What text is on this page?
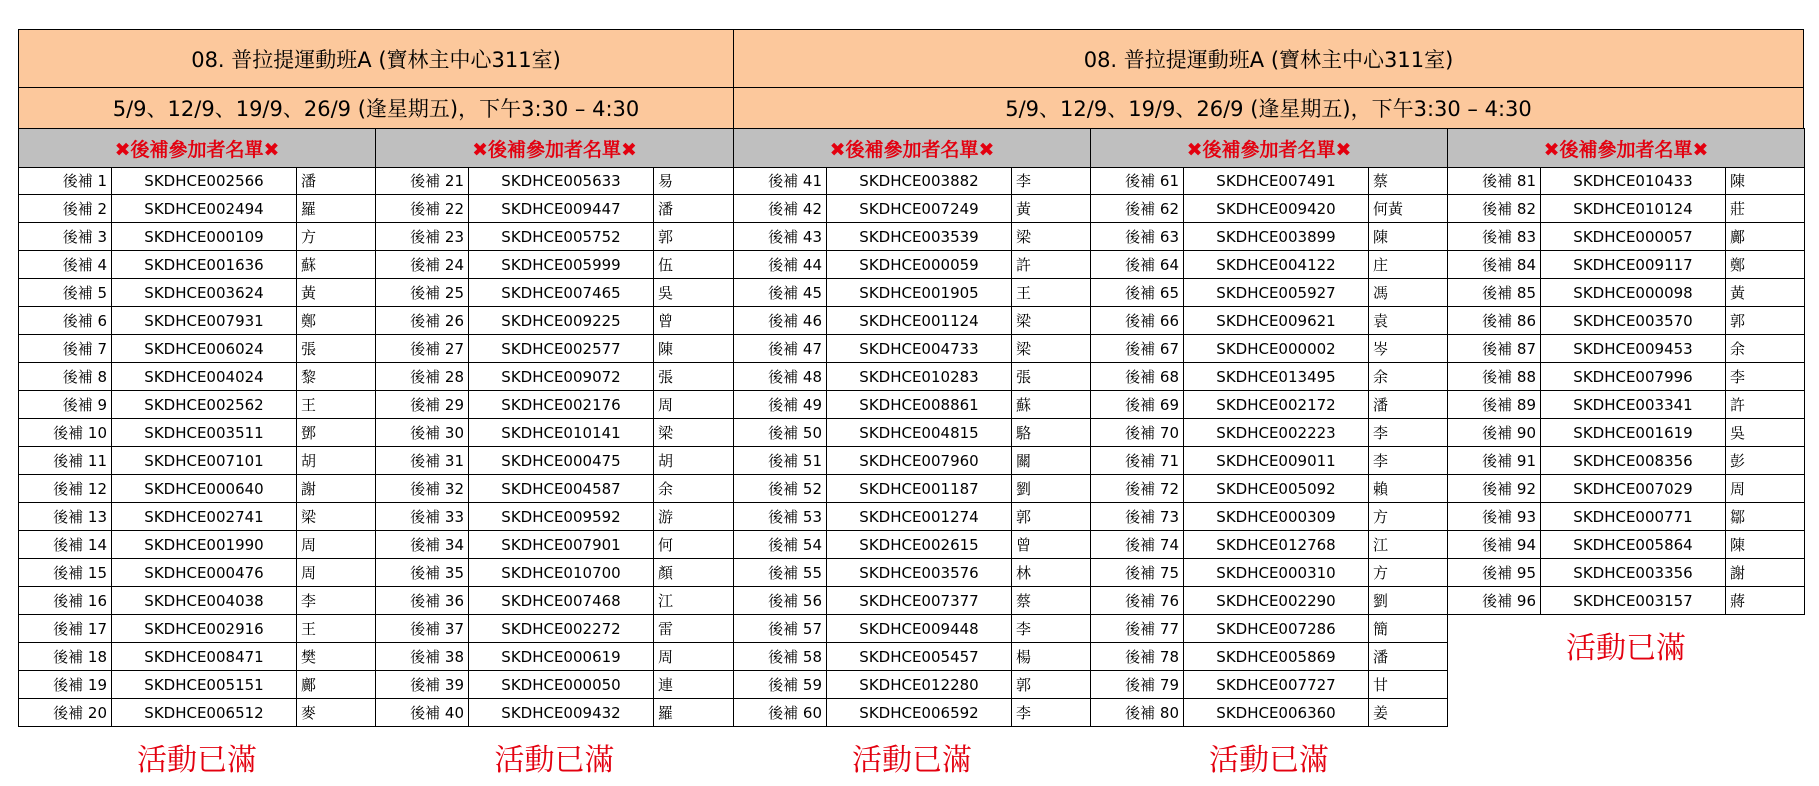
08. 普拉提運動班A (寶林主中心311室)	08. 普拉提運動班A (寶林主中心311室)
5/9、12/9、19/9、26/9 (逢星期五)，下午3:30 – 4:30	5/9、12/9、19/9、26/9 (逢星期五)，下午3:30 – 4:30
✖後補參加者名單✖
後補 1	SKDHCE002566	潘
後補 2	SKDHCE002494	羅
後補 3	SKDHCE000109	方
後補 4	SKDHCE001636	蘇
後補 5	SKDHCE003624	黃
後補 6	SKDHCE007931	鄭
後補 7	SKDHCE006024	張
後補 8	SKDHCE004024	黎
後補 9	SKDHCE002562	王
後補 10	SKDHCE003511	鄧
後補 11	SKDHCE007101	胡
後補 12	SKDHCE000640	謝
後補 13	SKDHCE002741	梁
後補 14	SKDHCE001990	周
後補 15	SKDHCE000476	周
後補 16	SKDHCE004038	李
後補 17	SKDHCE002916	王
後補 18	SKDHCE008471	樊
後補 19	SKDHCE005151	鄺
後補 20	SKDHCE006512	麥
活動已滿
✖後補參加者名單✖
後補 21	SKDHCE005633	易
後補 22	SKDHCE009447	潘
後補 23	SKDHCE005752	郭
後補 24	SKDHCE005999	伍
後補 25	SKDHCE007465	吳
後補 26	SKDHCE009225	曾
後補 27	SKDHCE002577	陳
後補 28	SKDHCE009072	張
後補 29	SKDHCE002176	周
後補 30	SKDHCE010141	梁
後補 31	SKDHCE000475	胡
後補 32	SKDHCE004587	余
後補 33	SKDHCE009592	游
後補 34	SKDHCE007901	何
後補 35	SKDHCE010700	顏
後補 36	SKDHCE007468	江
後補 37	SKDHCE002272	雷
後補 38	SKDHCE000619	周
後補 39	SKDHCE000050	連
後補 40	SKDHCE009432	羅
活動已滿
✖後補參加者名單✖
後補 41	SKDHCE003882	李
後補 42	SKDHCE007249	黃
後補 43	SKDHCE003539	梁
後補 44	SKDHCE000059	許
後補 45	SKDHCE001905	王
後補 46	SKDHCE001124	梁
後補 47	SKDHCE004733	梁
後補 48	SKDHCE010283	張
後補 49	SKDHCE008861	蘇
後補 50	SKDHCE004815	駱
後補 51	SKDHCE007960	關
後補 52	SKDHCE001187	劉
後補 53	SKDHCE001274	郭
後補 54	SKDHCE002615	曾
後補 55	SKDHCE003576	林
後補 56	SKDHCE007377	蔡
後補 57	SKDHCE009448	李
後補 58	SKDHCE005457	楊
後補 59	SKDHCE012280	郭
後補 60	SKDHCE006592	李
活動已滿
✖後補參加者名單✖
後補 61	SKDHCE007491	蔡
後補 62	SKDHCE009420	何黃
後補 63	SKDHCE003899	陳
後補 64	SKDHCE004122	庄
後補 65	SKDHCE005927	馮
後補 66	SKDHCE009621	袁
後補 67	SKDHCE000002	岑
後補 68	SKDHCE013495	余
後補 69	SKDHCE002172	潘
後補 70	SKDHCE002223	李
後補 71	SKDHCE009011	李
後補 72	SKDHCE005092	賴
後補 73	SKDHCE000309	方
後補 74	SKDHCE012768	江
後補 75	SKDHCE000310	方
後補 76	SKDHCE002290	劉
後補 77	SKDHCE007286	簡
後補 78	SKDHCE005869	潘
後補 79	SKDHCE007727	甘
後補 80	SKDHCE006360	姜
活動已滿
✖後補參加者名單✖
後補 81	SKDHCE010433	陳
後補 82	SKDHCE010124	莊
後補 83	SKDHCE000057	鄺
後補 84	SKDHCE009117	鄭
後補 85	SKDHCE000098	黃
後補 86	SKDHCE003570	郭
後補 87	SKDHCE009453	余
後補 88	SKDHCE007996	李
後補 89	SKDHCE003341	許
後補 90	SKDHCE001619	吳
後補 91	SKDHCE008356	彭
後補 92	SKDHCE007029	周
後補 93	SKDHCE000771	鄒
後補 94	SKDHCE005864	陳
後補 95	SKDHCE003356	謝
後補 96	SKDHCE003157	蔣
活動已滿
